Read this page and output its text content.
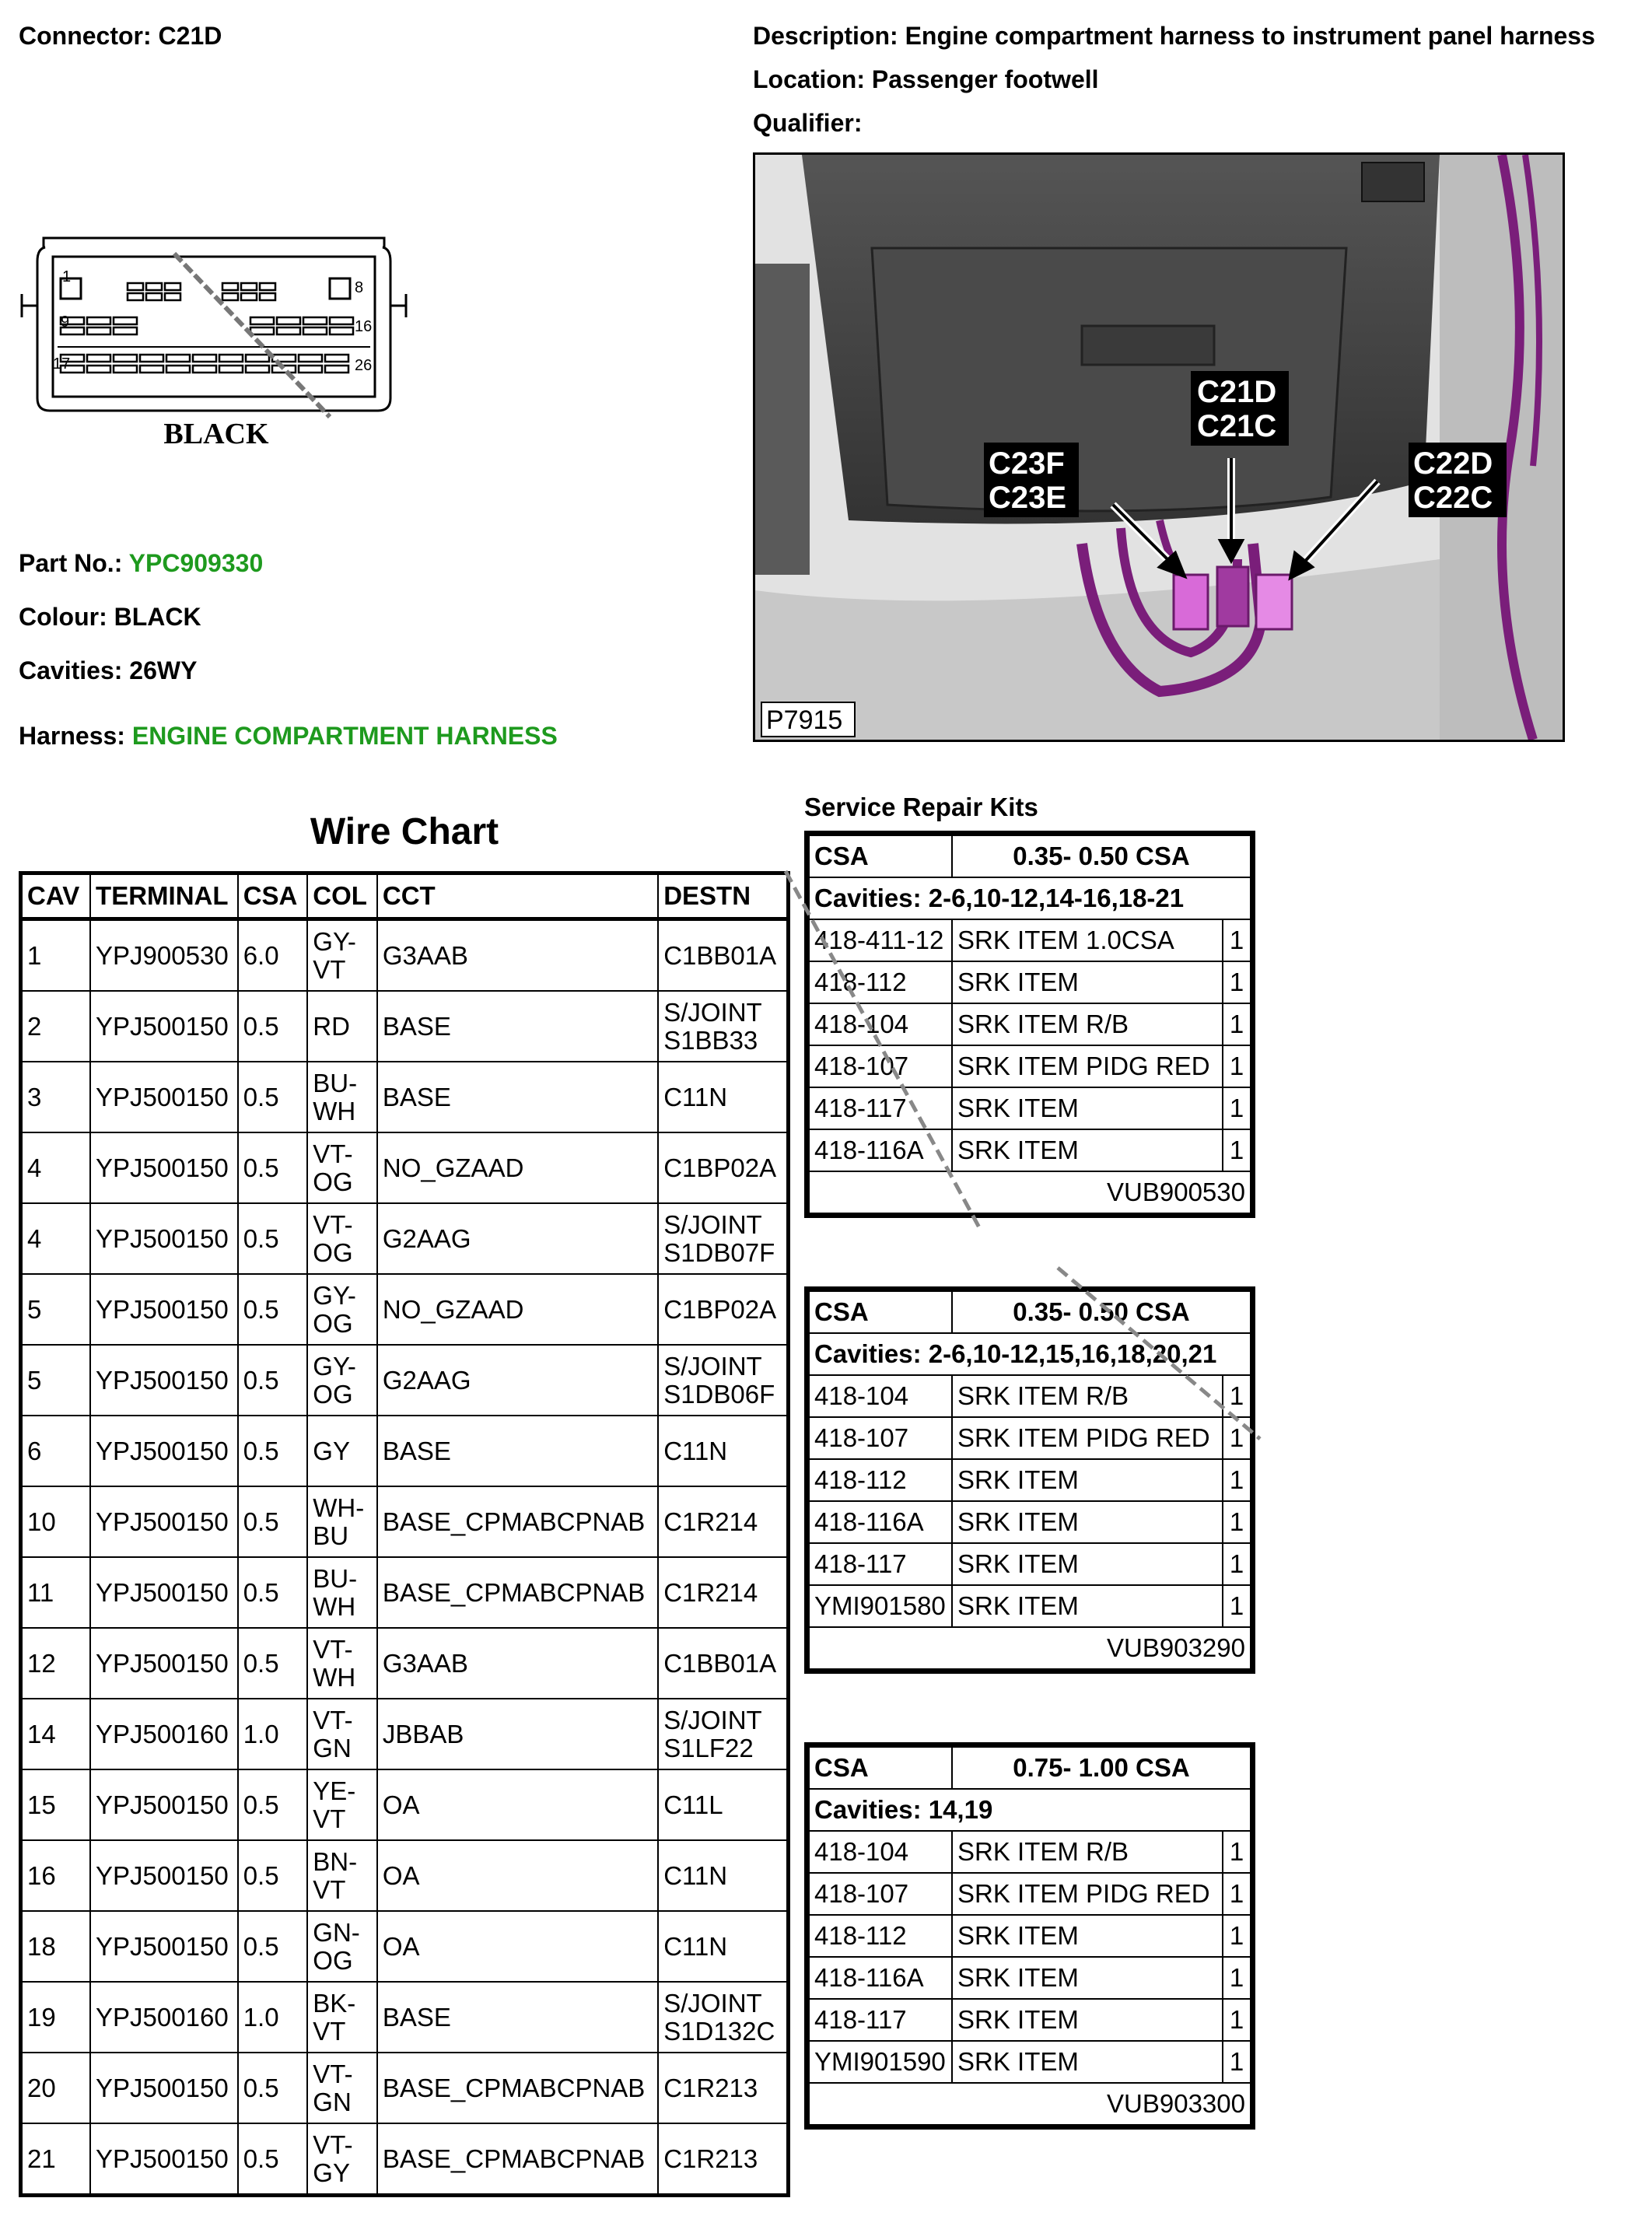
Connector: C21D	Description: Engine compartment harness to instrument panel harness
Location: Passenger footwell
Qualifier:
1
8
9	16
17	26
BLACK
Part No.: YPC909330
Colour: BLACK
Cavities: 26WY
Harness: ENGINE COMPARTMENT HARNESS
C21D
C21C
C23F
C23E
C22D
C22C
P7915
Wire Chart
CAV	TERMINAL	CSA	COL	CCT	DESTN
1	YPJ900530	6.0	GY-VT	G3AAB	C1BB01A
2	YPJ500150	0.5	RD	BASE	S/JOINT S1BB33
3	YPJ500150	0.5	BU-WH	BASE	C11N
4	YPJ500150	0.5	VT-OG	NO_GZAAD	C1BP02A
4	YPJ500150	0.5	VT-OG	G2AAG	S/JOINT S1DB07F
5	YPJ500150	0.5	GY-OG	NO_GZAAD	C1BP02A
5	YPJ500150	0.5	GY-OG	G2AAG	S/JOINT S1DB06F
6	YPJ500150	0.5	GY	BASE	C11N
10	YPJ500150	0.5	WH-BU	BASE_CPMABCPNAB	C1R214
11	YPJ500150	0.5	BU-WH	BASE_CPMABCPNAB	C1R214
12	YPJ500150	0.5	VT-WH	G3AAB	C1BB01A
14	YPJ500160	1.0	VT-GN	JBBAB	S/JOINT S1LF22
15	YPJ500150	0.5	YE-VT	OA	C11L
16	YPJ500150	0.5	BN-VT	OA	C11N
18	YPJ500150	0.5	GN-OG	OA	C11N
19	YPJ500160	1.0	BK-VT	BASE	S/JOINT S1D132C
20	YPJ500150	0.5	VT-GN	BASE_CPMABCPNAB	C1R213
21	YPJ500150	0.5	VT-GY	BASE_CPMABCPNAB	C1R213
Service Repair Kits
CSA	0.35- 0.50 CSA	
Cavities: 2-6,10-12,14-16,18-21		
418-411-12	SRK ITEM 1.0CSA	1
418-112	SRK ITEM	1
418-104	SRK ITEM R/B	1
418-107	SRK ITEM PIDG RED	1
418-117	SRK ITEM	1
418-116A	SRK ITEM	1
VUB900530		
CSA	0.35- 0.50 CSA	
Cavities: 2-6,10-12,15,16,18,20,21		
418-104	SRK ITEM R/B	1
418-107	SRK ITEM PIDG RED	1
418-112	SRK ITEM	1
418-116A	SRK ITEM	1
418-117	SRK ITEM	1
YMI901580	SRK ITEM	1
VUB903290		
CSA	0.75- 1.00 CSA	
Cavities: 14,19		
418-104	SRK ITEM R/B	1
418-107	SRK ITEM PIDG RED	1
418-112	SRK ITEM	1
418-116A	SRK ITEM	1
418-117	SRK ITEM	1
YMI901590	SRK ITEM	1
VUB903300		
